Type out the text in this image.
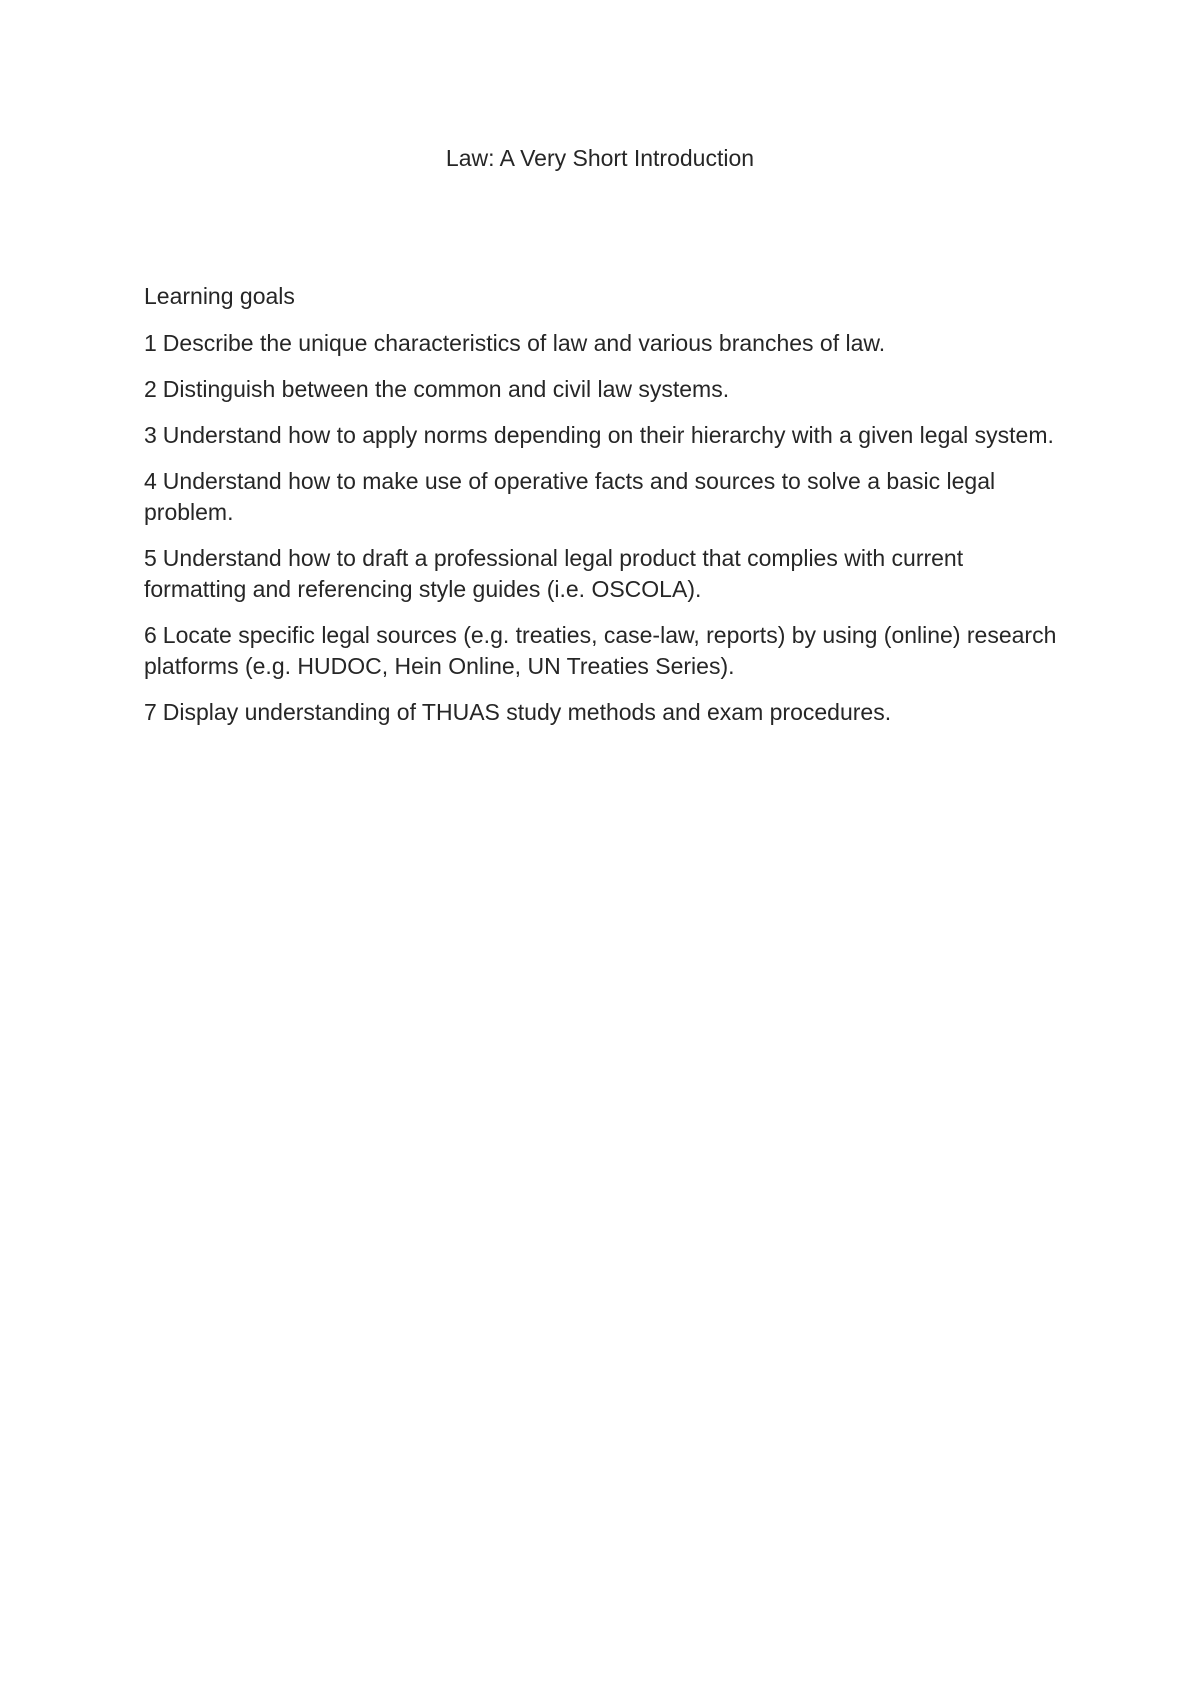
Law: A Very Short Introduction
Learning goals
1 Describe the unique characteristics of law and various branches of law.
2 Distinguish between the common and civil law systems.
3 Understand how to apply norms depending on their hierarchy with a given legal system.
4 Understand how to make use of operative facts and sources to solve a basic legal problem.
5 Understand how to draft a professional legal product that complies with current formatting and referencing style guides (i.e. OSCOLA).
6 Locate specific legal sources (e.g. treaties, case-law, reports) by using (online) research platforms (e.g. HUDOC, Hein Online, UN Treaties Series).
7 Display understanding of THUAS study methods and exam procedures.
